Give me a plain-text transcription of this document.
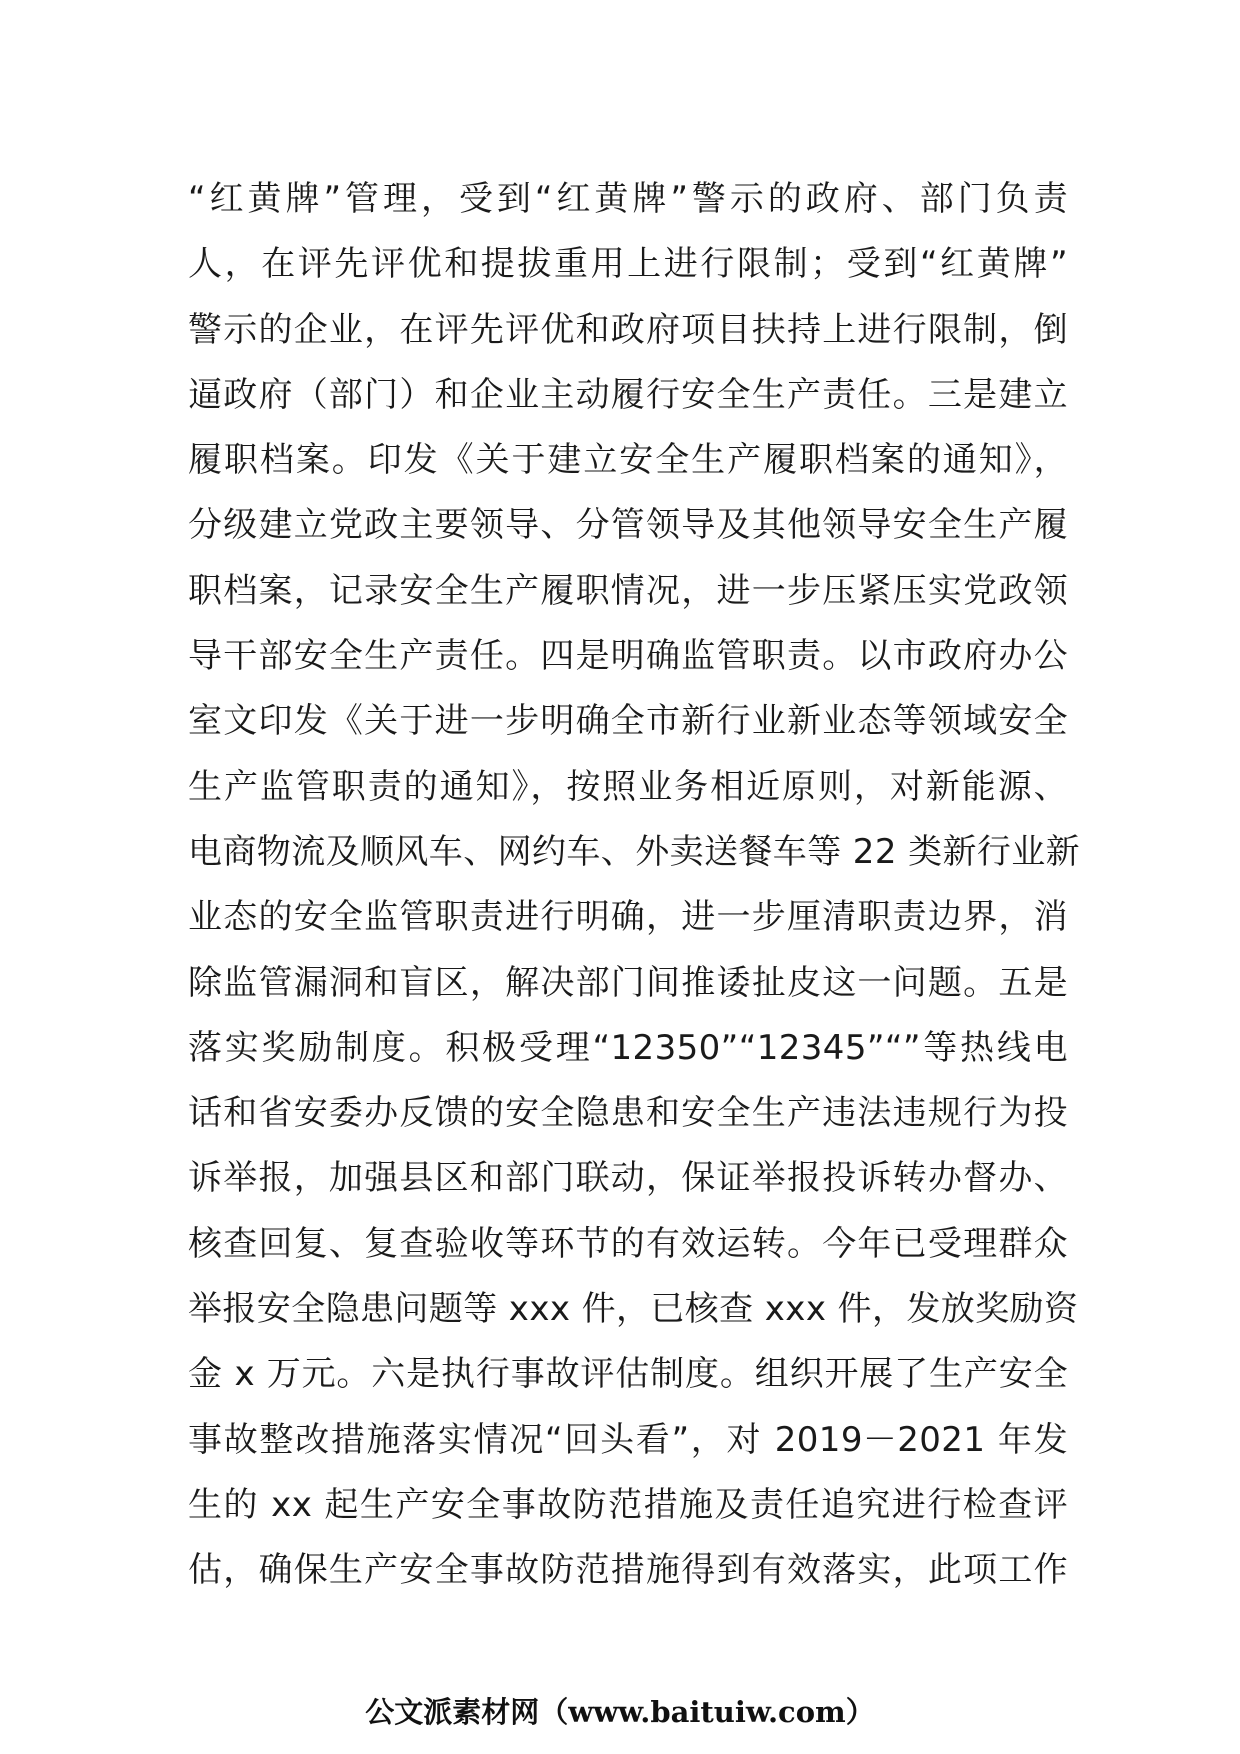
“红黄牌”管理，受到“红黄牌”警示的政府、部门负责
人，在评先评优和提拔重用上进行限制；受到“红黄牌”
警示的企业，在评先评优和政府项目扶持上进行限制，倒
逼政府（部门）和企业主动履行安全生产责任。三是建立
履职档案。印发《关于建立安全生产履职档案的通知》，
分级建立党政主要领导、分管领导及其他领导安全生产履
职档案，记录安全生产履职情况，进一步压紧压实党政领
导干部安全生产责任。四是明确监管职责。以市政府办公
室文印发《关于进一步明确全市新行业新业态等领域安全
生产监管职责的通知》，按照业务相近原则，对新能源、
电商物流及顺风车、网约车、外卖送餐车等 22 类新行业新
业态的安全监管职责进行明确，进一步厘清职责边界，消
除监管漏洞和盲区，解决部门间推诿扯皮这一问题。五是
落实奖励制度。积极受理“12350”“12345”“”等热线电
话和省安委办反馈的安全隐患和安全生产违法违规行为投
诉举报，加强县区和部门联动，保证举报投诉转办督办、
核查回复、复查验收等环节的有效运转。今年已受理群众
举报安全隐患问题等 xxx 件，已核查 xxx 件，发放奖励资
金 x 万元。六是执行事故评估制度。组织开展了生产安全
事故整改措施落实情况“回头看”，对 2019－2021 年发
生的 xx 起生产安全事故防范措施及责任追究进行检查评
估，确保生产安全事故防范措施得到有效落实，此项工作
公文派素材网（www.baituiw.com）
